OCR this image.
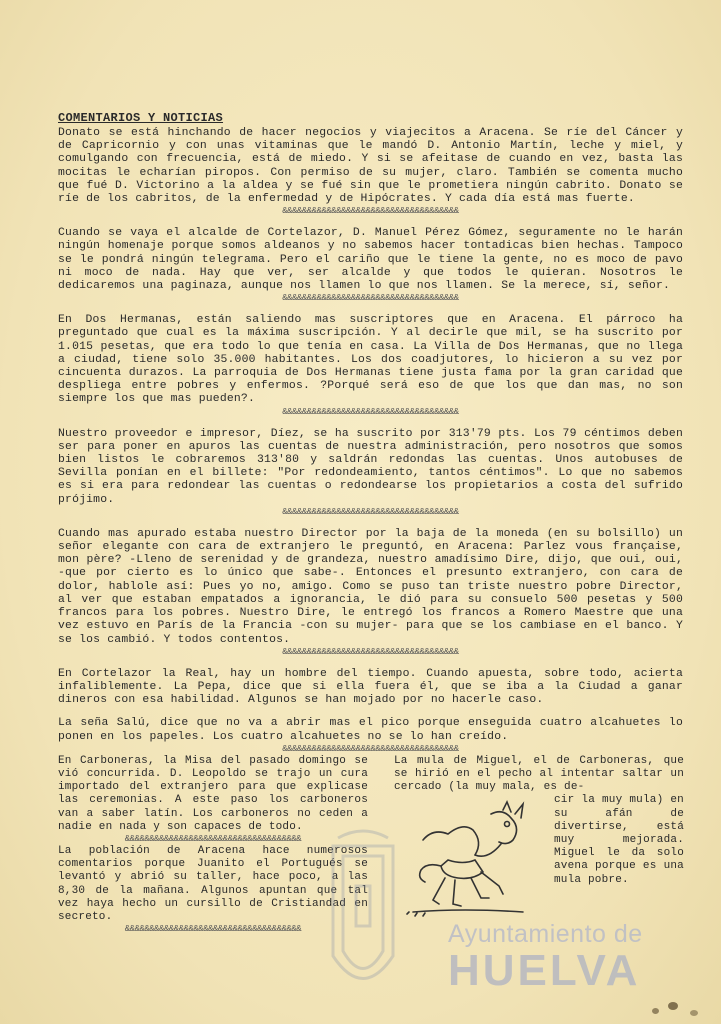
COMENTARIOS Y NOTICIAS

Donato se está hinchando de hacer negocios y viajecitos a Aracena. Se ríe del Cáncer y de Capricornio y con unas vitaminas que le mandó D. Antonio Martín, leche y miel, y comulgando con frecuencia, está de miedo. Y si se afeitase de cuando en vez, basta las mocitas le echarían piropos. Con permiso de su mujer, claro. También se comenta mucho que fué D. Victorino a la aldea y se fué sin que le prometiera ningún cabrito. Donato se ríe de los cabritos, de la enfermedad y de Hipócrates. Y cada día está mas fuerte.

&&&&&&&&&&&&&&&&&&&&&&&&&&&&&&&&&&&&

Cuando se vaya el alcalde de Cortelazor, D. Manuel Pérez Gómez, seguramente no le harán ningún homenaje porque somos aldeanos y no sabemos hacer tontadicas bien hechas. Tampoco se le pondrá ningún telegrama. Pero el cariño que le tiene la gente, no es moco de pavo ni moco de nada. Hay que ver, ser alcalde y que todos le quieran. Nosotros le dedicaremos una paginaza, aunque nos llamen lo que nos llamen. Se la merece, sí, señor.

&&&&&&&&&&&&&&&&&&&&&&&&&&&&&&&&&&&&

En Dos Hermanas, están saliendo mas suscriptores que en Aracena. El párroco ha preguntado que cual es la máxima suscripción. Y al decirle que mil, se ha suscrito por 1.015 pesetas, que era todo lo que tenía en casa. La Villa de Dos Hermanas, que no llega a ciudad, tiene solo 35.000 habitantes. Los dos coadjutores, lo hicieron a su vez por cincuenta durazos. La parroquia de Dos Hermanas tiene justa fama por la gran caridad que despliega entre pobres y enfermos. ?Porqué será eso de que los que dan mas, no son siempre los que mas pueden?.

&&&&&&&&&&&&&&&&&&&&&&&&&&&&&&&&&&&&

Nuestro proveedor e impresor, Díez, se ha suscrito por 313'79 pts. Los 79 céntimos deben ser para poner en apuros las cuentas de nuestra administración, pero nosotros que somos bien listos le cobraremos 313'80 y saldrán redondas las cuentas. Unos autobuses de Sevilla ponían en el billete: "Por redondeamiento, tantos céntimos". Lo que no sabemos es si era para redondear las cuentas o redondearse los propietarios a costa del sufrido prójimo.

&&&&&&&&&&&&&&&&&&&&&&&&&&&&&&&&&&&&

Cuando mas apurado estaba nuestro Director por la baja de la moneda (en su bolsillo) un señor elegante con cara de extranjero le preguntó, en Aracena: Parlez vous française, mon père? -Lleno de serenidad y de grandeza, nuestro amadísimo Dire, dijo, que oui, oui, -que por cierto es lo único que sabe-. Entonces el presunto extranjero, con cara de dolor, hablole así: Pues yo no, amigo. Como se puso tan triste nuestro pobre Director, al ver que estaban empatados a ignorancia, le dió para su consuelo 500 pesetas y 500 francos para los pobres. Nuestro Dire, le entregó los francos a Romero Maestre que una vez estuvo en París de la Francia -con su mujer- para que se los cambiase en el banco. Y se los cambió. Y todos contentos.

&&&&&&&&&&&&&&&&&&&&&&&&&&&&&&&&&&&&

En Cortelazor la Real, hay un hombre del tiempo. Cuando apuesta, sobre todo, acierta infaliblemente. La Pepa, dice que si ella fuera él, que se iba a la Ciudad a ganar dineros con esa habilidad. Algunos se han mojado por no hacerle caso.

La seña Salú, dice que no va a abrir mas el pico porque enseguida cuatro alcahuetes lo ponen en los papeles. Los cuatro alcahuetes no se lo han creído.

&&&&&&&&&&&&&&&&&&&&&&&&&&&&&&&&&&&&

En Carboneras, la Misa del pasado domingo se vió concurrida. D. Leopoldo se trajo un cura importado del extranjero para que explicase las ceremonias. A este paso los carboneros van a saber latín. Los carboneros no ceden a nadie en nada y son capaces de todo.

&&&&&&&&&&&&&&&&&&&&&&&&&&&&&&&&&&&&

La población de Aracena hace numerosos comentarios porque Juanito el Portugués se levantó y abrió su taller, hace poco, a las 8,30 de la mañana. Algunos apuntan que tal vez haya hecho un cursillo de Cristiandad en secreto.

&&&&&&&&&&&&&&&&&&&&&&&&&&&&&&&&&&&&

La mula de Miguel, el de Carboneras, que se hirió en el pecho al intentar saltar un cercado (la muy mala, es de-

cir la muy mula) en su afán de divertirse, está muy mejorada. Miguel le da solo avena porque es una mula pobre.

Ayuntamiento de
HUELVA
